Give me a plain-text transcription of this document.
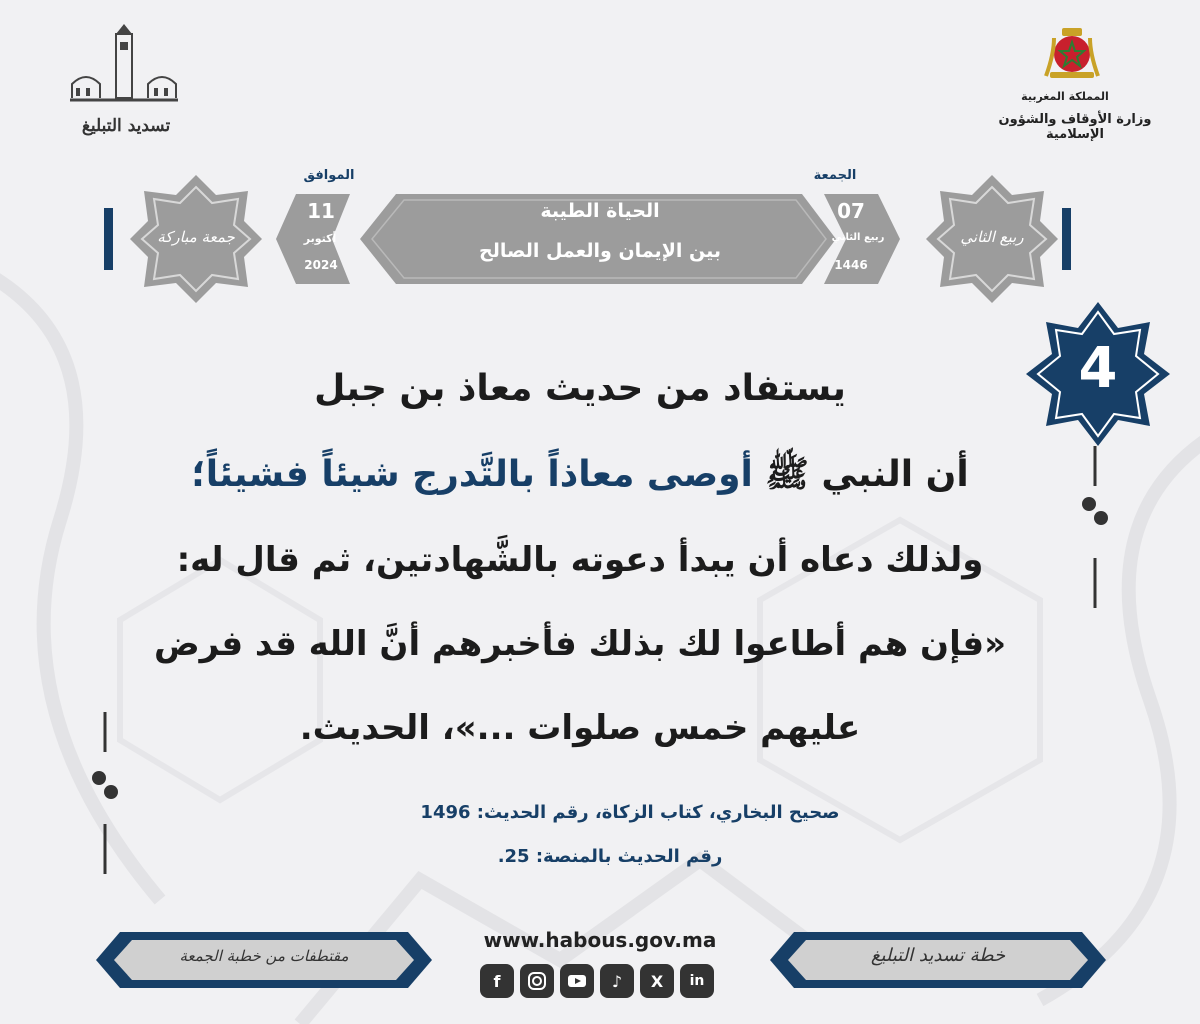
المملكة المغربية
وزارة الأوقاف والشؤون الإسلامية
تسديد التبليغ
الجمعة
07
ربيع الثاني
1446
الموافق
11
أكتوبر
2024
الحياة الطيبة
بين الإيمان والعمل الصالح
ربيع الثاني
جمعة مباركة
4
يستفاد من حديث معاذ بن جبل
أن النبي ﷺ أوصى معاذاً بالتَّدرج شيئاً فشيئاً؛
ولذلك دعاه أن يبدأ دعوته بالشَّهادتين، ثم قال له:
«فإن هم أطاعوا لك بذلك فأخبرهم أنَّ الله قد فرض
عليهم خمس صلوات ...»، الحديث.
صحيح البخاري، كتاب الزكاة، رقم الحديث: 1496
رقم الحديث بالمنصة: 25.
خطة تسديد التبليغ
مقتطفات من خطبة الجمعة
www.habous.gov.ma
f	♪	X	in
